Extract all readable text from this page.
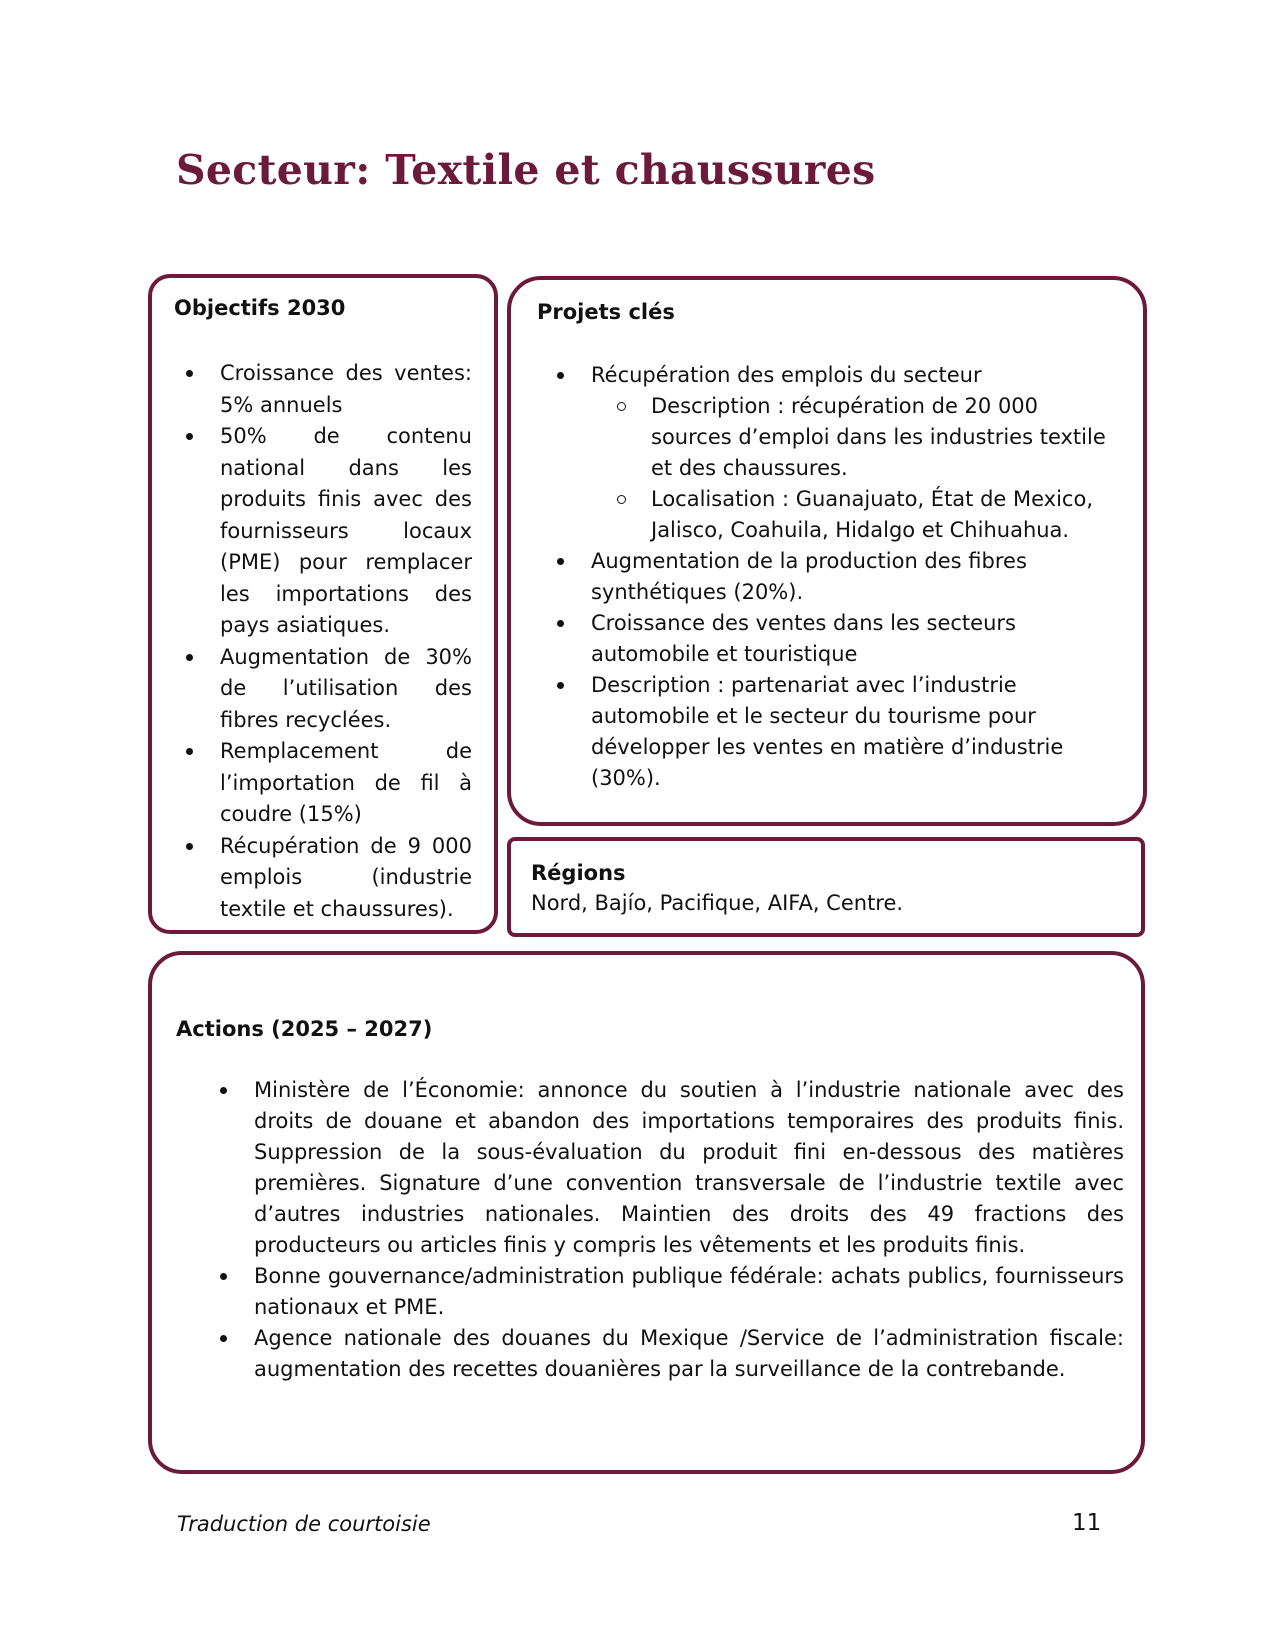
Secteur: Textile et chaussures

Objectifs 2030

Croissance des ventes: 5% annuels
50% de contenu national dans les produits finis avec des fournisseurs locaux (PME) pour remplacer les importations des pays asiatiques.
Augmentation de 30% de l’utilisation des fibres recyclées.
Remplacement de l’importation de fil à coudre (15%)
Récupération de 9 000 emplois (industrie textile et chaussures).

Projets clés

Récupération des emplois du secteur
Description : récupération de 20 000 sources d’emploi dans les industries textile et des chaussures.
Localisation : Guanajuato, État de Mexico, Jalisco, Coahuila, Hidalgo et Chihuahua.
Augmentation de la production des fibres synthétiques (20%).
Croissance des ventes dans les secteurs automobile et touristique
Description : partenariat avec l’industrie automobile et le secteur du tourisme pour développer les ventes en matière d’industrie (30%).

Régions

Nord, Bajío, Pacifique, AIFA, Centre.

Actions (2025 – 2027)

Ministère de l’Économie: annonce du soutien à l’industrie nationale avec des droits de douane et abandon des importations temporaires des produits finis. Suppression de la sous-évaluation du produit fini en-dessous des matières premières. Signature d’une convention transversale de l’industrie textile avec d’autres industries nationales. Maintien des droits des 49 fractions des producteurs ou articles finis y compris les vêtements et les produits finis.
Bonne gouvernance/administration publique fédérale: achats publics, fournisseurs nationaux et PME.
Agence nationale des douanes du Mexique /Service de l’administration fiscale: augmentation des recettes douanières par la surveillance de la contrebande.
Traduction de courtoisie	11
